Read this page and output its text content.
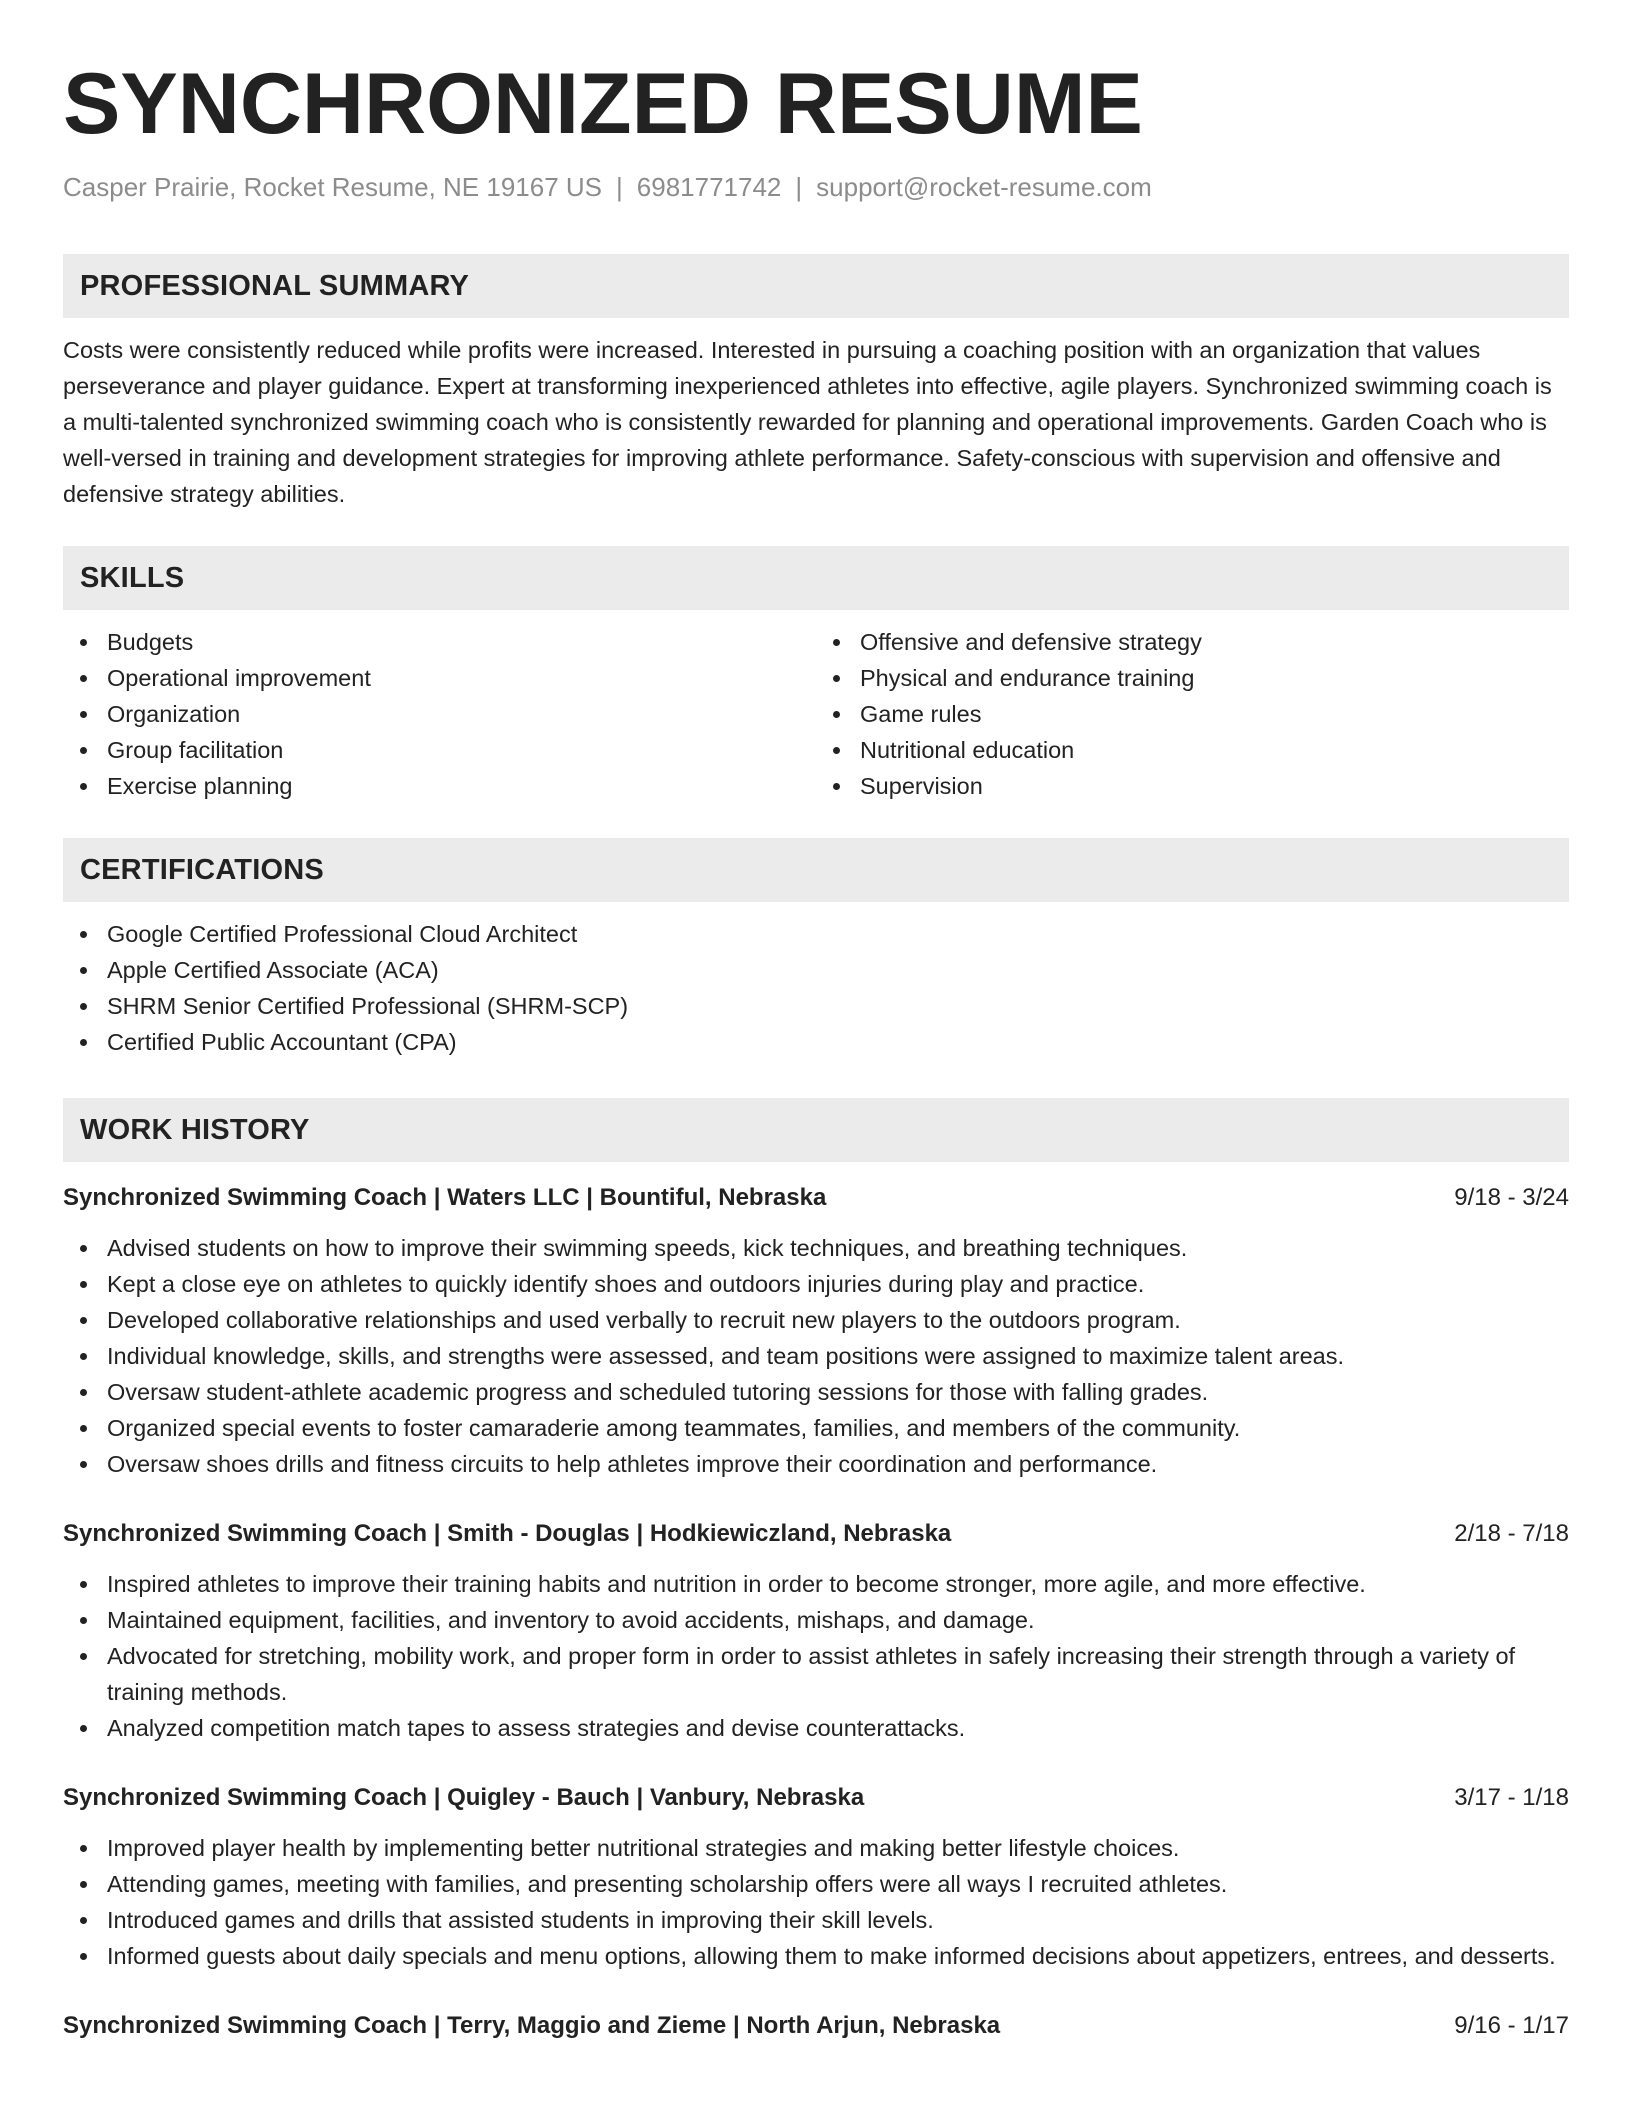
SYNCHRONIZED RESUME
Casper Prairie, Rocket Resume, NE 19167 US | 6981771742 | support@rocket-resume.com
PROFESSIONAL SUMMARY

Costs were consistently reduced while profits were increased. Interested in pursuing a coaching position with an organization that values perseverance and player guidance. Expert at transforming inexperienced athletes into effective, agile players. Synchronized swimming coach is a multi-talented synchronized swimming coach who is consistently rewarded for planning and operational improvements. Garden Coach who is well-versed in training and development strategies for improving athlete performance. Safety-conscious with supervision and offensive and defensive strategy abilities.

SKILLS
Budgets
Operational improvement
Organization
Group facilitation
Exercise planning
Offensive and defensive strategy
Physical and endurance training
Game rules
Nutritional education
Supervision
CERTIFICATIONS
Google Certified Professional Cloud Architect
Apple Certified Associate (ACA)
SHRM Senior Certified Professional (SHRM-SCP)
Certified Public Accountant (CPA)
WORK HISTORY
Synchronized Swimming Coach | Waters LLC | Bountiful, Nebraska	9/18 - 3/24
Advised students on how to improve their swimming speeds, kick techniques, and breathing techniques.
Kept a close eye on athletes to quickly identify shoes and outdoors injuries during play and practice.
Developed collaborative relationships and used verbally to recruit new players to the outdoors program.
Individual knowledge, skills, and strengths were assessed, and team positions were assigned to maximize talent areas.
Oversaw student-athlete academic progress and scheduled tutoring sessions for those with falling grades.
Organized special events to foster camaraderie among teammates, families, and members of the community.
Oversaw shoes drills and fitness circuits to help athletes improve their coordination and performance.
Synchronized Swimming Coach | Smith - Douglas | Hodkiewiczland, Nebraska	2/18 - 7/18
Inspired athletes to improve their training habits and nutrition in order to become stronger, more agile, and more effective.
Maintained equipment, facilities, and inventory to avoid accidents, mishaps, and damage.
Advocated for stretching, mobility work, and proper form in order to assist athletes in safely increasing their strength through a variety of training methods.
Analyzed competition match tapes to assess strategies and devise counterattacks.
Synchronized Swimming Coach | Quigley - Bauch | Vanbury, Nebraska	3/17 - 1/18
Improved player health by implementing better nutritional strategies and making better lifestyle choices.
Attending games, meeting with families, and presenting scholarship offers were all ways I recruited athletes.
Introduced games and drills that assisted students in improving their skill levels.
Informed guests about daily specials and menu options, allowing them to make informed decisions about appetizers, entrees, and desserts.
Synchronized Swimming Coach | Terry, Maggio and Zieme | North Arjun, Nebraska	9/16 - 1/17
